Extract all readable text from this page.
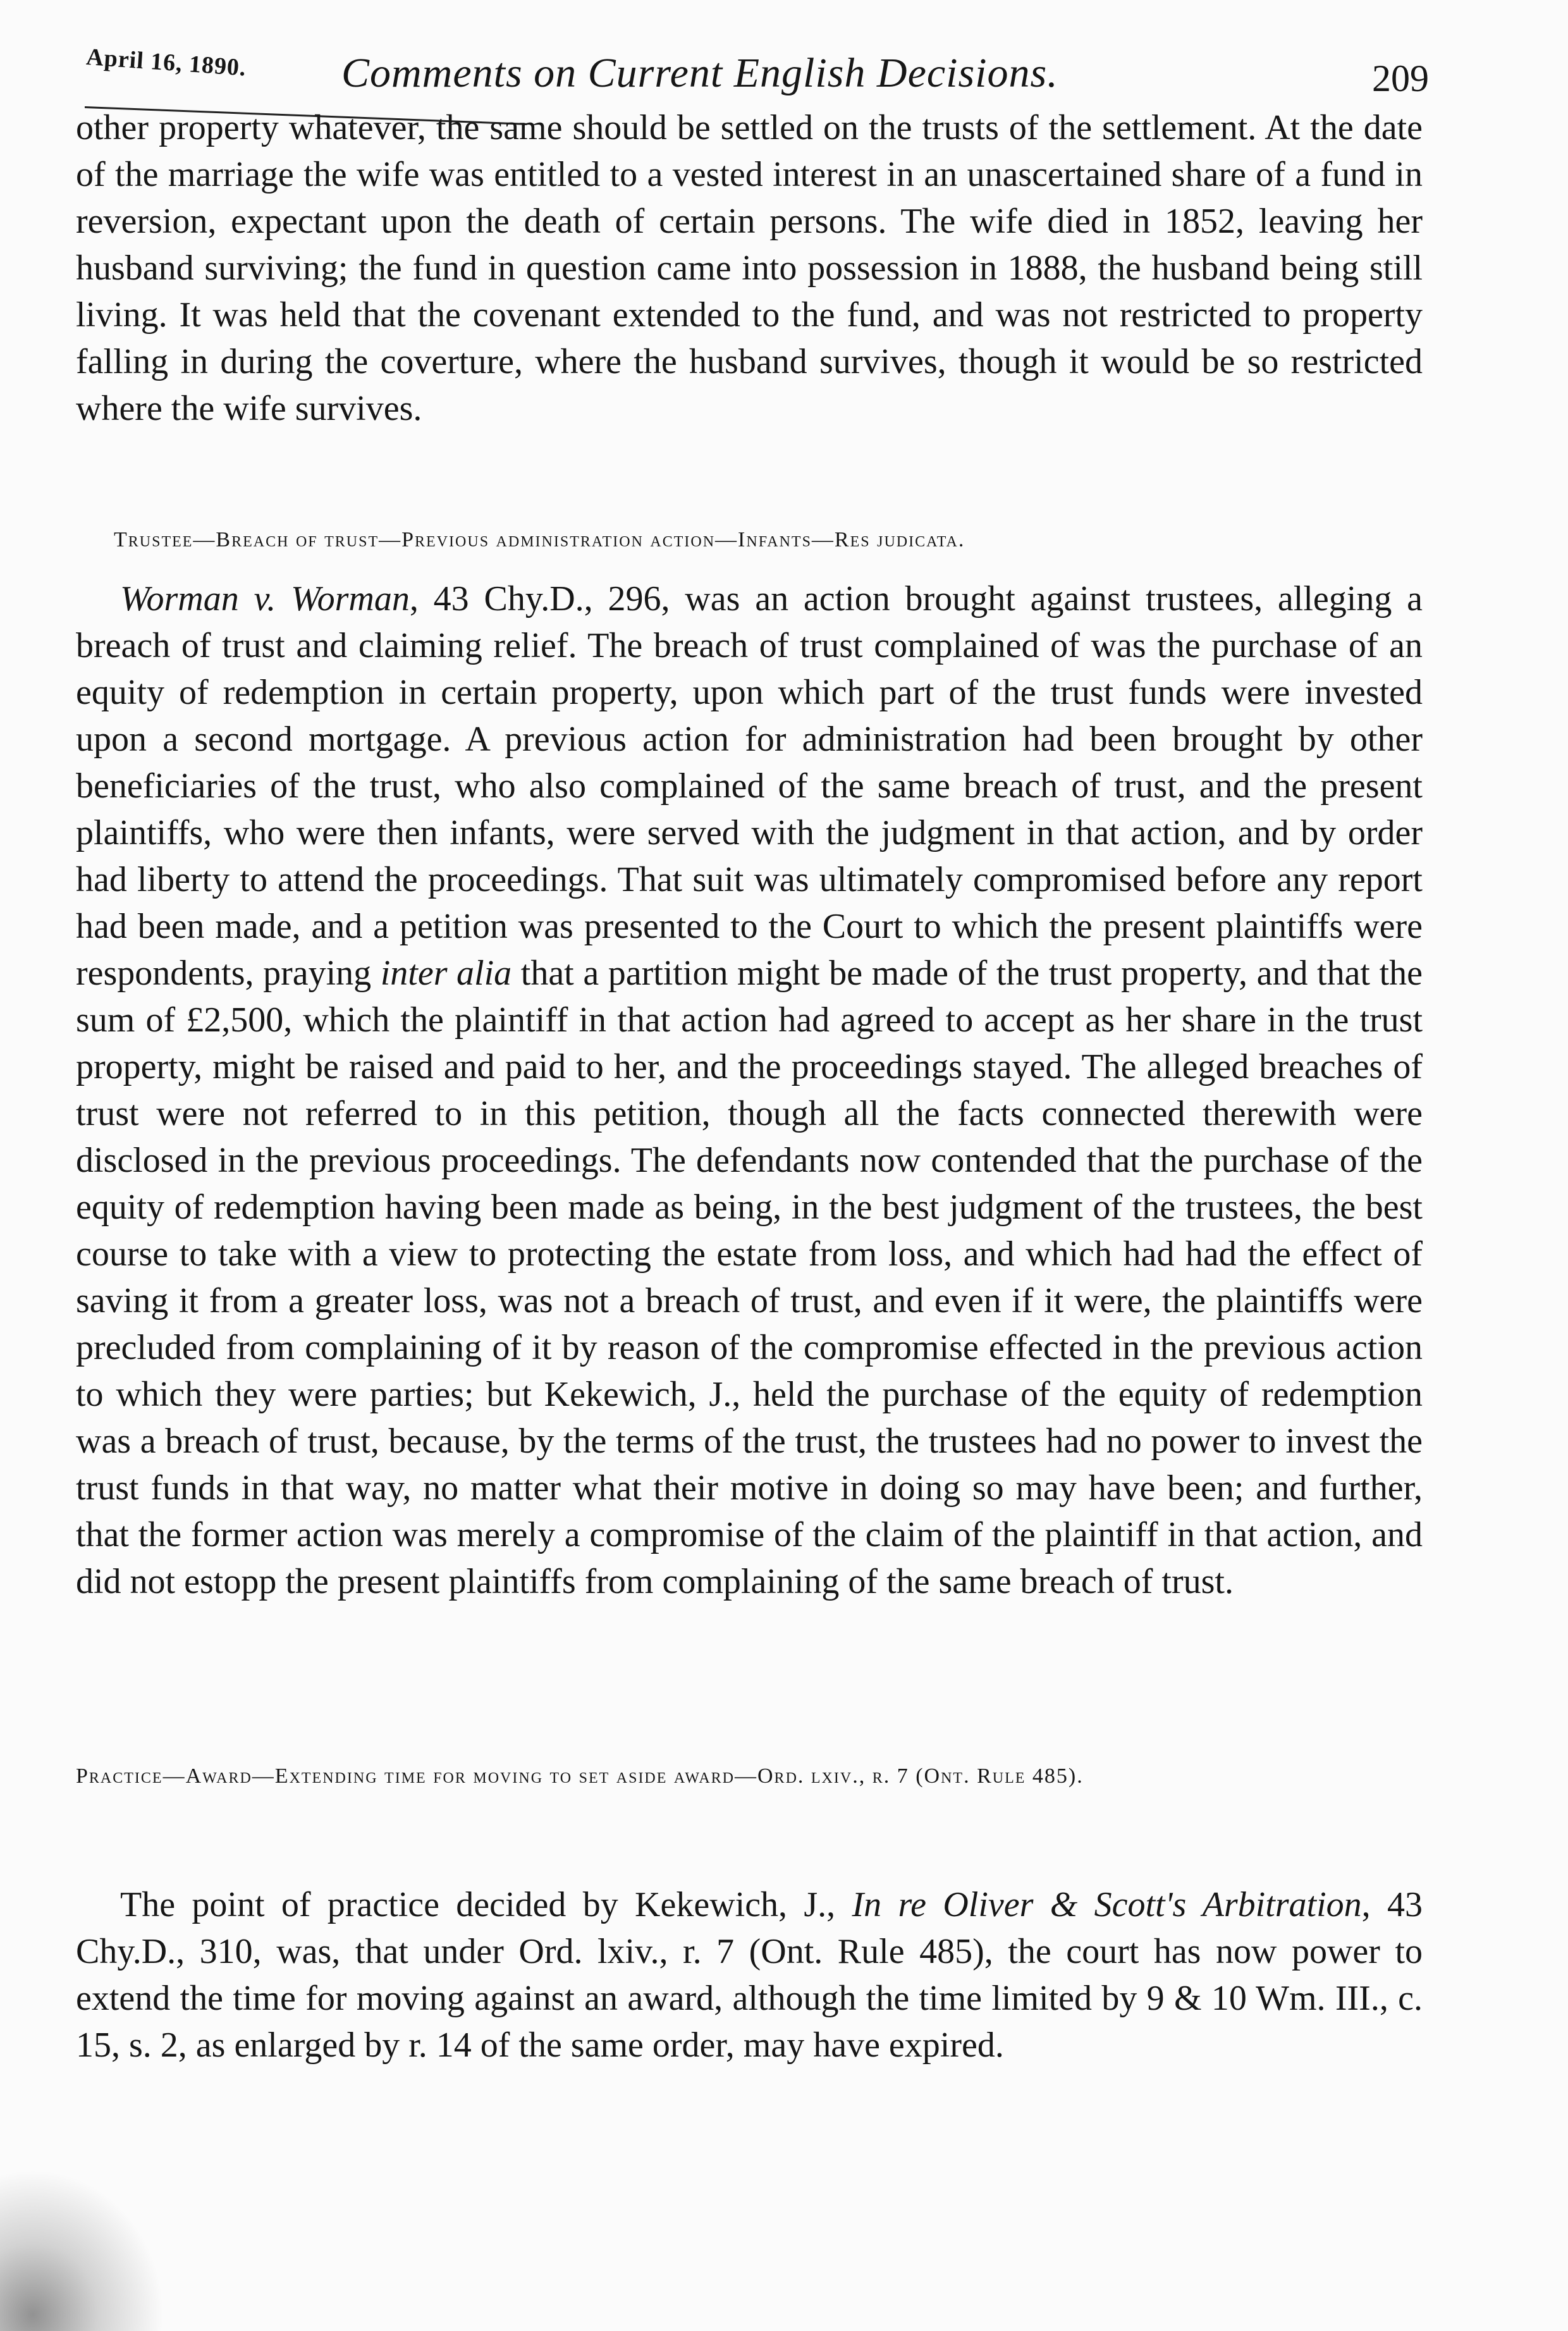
April 16, 1890. Comments on Current English Decisions.	209

other property whatever, the same should be settled on the trusts of the settlement. At the date of the marriage the wife was entitled to a vested interest in an unascertained share of a fund in reversion, expectant upon the death of certain persons. The wife died in 1852, leaving her husband surviving; the fund in question came into possession in 1888, the husband being still living. It was held that the covenant extended to the fund, and was not restricted to property falling in during the coverture, where the husband survives, though it would be so restricted where the wife survives.

Trustee—Breach of trust—Previous administration action—Infants—Res judicata.

Worman v. Worman, 43 Chy.D., 296, was an action brought against trustees, alleging a breach of trust and claiming relief. The breach of trust complained of was the purchase of an equity of redemption in certain property, upon which part of the trust funds were invested upon a second mortgage. A previous action for administration had been brought by other beneficiaries of the trust, who also complained of the same breach of trust, and the present plaintiffs, who were then infants, were served with the judgment in that action, and by order had liberty to attend the proceedings. That suit was ultimately compromised before any report had been made, and a petition was presented to the Court to which the present plaintiffs were respondents, praying inter alia that a partition might be made of the trust property, and that the sum of £2,500, which the plaintiff in that action had agreed to accept as her share in the trust property, might be raised and paid to her, and the proceedings stayed. The alleged breaches of trust were not referred to in this petition, though all the facts connected therewith were disclosed in the previous proceedings. The defendants now contended that the purchase of the equity of redemption having been made as being, in the best judgment of the trustees, the best course to take with a view to protecting the estate from loss, and which had had the effect of saving it from a greater loss, was not a breach of trust, and even if it were, the plaintiffs were precluded from complaining of it by reason of the compromise effected in the previous action to which they were parties; but Kekewich, J., held the purchase of the equity of redemption was a breach of trust, because, by the terms of the trust, the trustees had no power to invest the trust funds in that way, no matter what their motive in doing so may have been; and further, that the former action was merely a compromise of the claim of the plaintiff in that action, and did not estopp the present plaintiffs from complaining of the same breach of trust.

Practice—Award—Extending time for moving to set aside award—Ord. lxiv., r. 7 (Ont. Rule 485).

The point of practice decided by Kekewich, J., In re Oliver & Scott's Arbitration, 43 Chy.D., 310, was, that under Ord. lxiv., r. 7 (Ont. Rule 485), the court has now power to extend the time for moving against an award, although the time limited by 9 & 10 Wm. III., c. 15, s. 2, as enlarged by r. 14 of the same order, may have expired.
